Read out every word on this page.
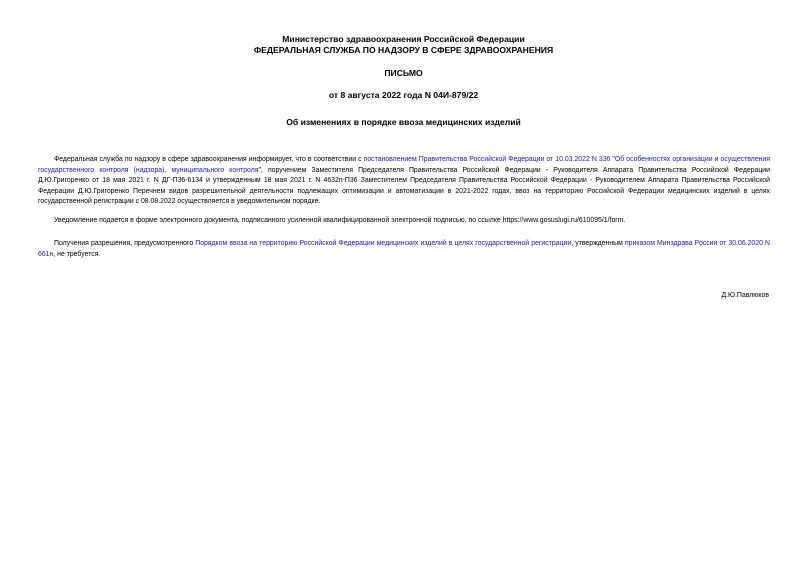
Министерство здравоохранения Российской Федерации
ФЕДЕРАЛЬНАЯ СЛУЖБА ПО НАДЗОРУ В СФЕРЕ ЗДРАВООХРАНЕНИЯ
ПИСЬМО
от 8 августа 2022 года N 04И-879/22
Об изменениях в порядке ввоза медицинских изделий
Федеральная служба по надзору в сфере здравоохранения информирует, что в соответствии с постановлением Правительства Российской Федерации от 10.03.2022 N 336 "Об особенностях организации и осуществления государственного контроля (надзора), муниципального контроля", поручением Заместителя Председателя Правительства Российской Федерации - Руководителя Аппарата Правительства Российской Федерации Д.Ю.Григоренко от 18 мая 2021 г. N ДГ-П36-6134 и утвержденным 18 мая 2021 г. N 4632п-П36 Заместителем Председателя Правительства Российской Федерации - Руководителем Аппарата Правительства Российской Федерации Д.Ю.Григоренко Перечнем видов разрешительной деятельности подлежащих оптимизации и автоматизации в 2021-2022 годах, ввоз на территорию Российской Федерации медицинских изделий в целях государственной регистрации с 08.08.2022 осуществляется в уведомительном порядке.
Уведомление подается в форме электронного документа, подписанного усиленной квалифицированной электронной подписью, по ссылке https://www.gosuslugi.ru/610095/1/form.
Получения разрешения, предусмотренного Порядком ввоза на территорию Российской Федерации медицинских изделий в целях государственной регистрации, утвержденным приказом Минздрава России от 30.06.2020 N 661н, не требуется.
Д.Ю.Павлюков
